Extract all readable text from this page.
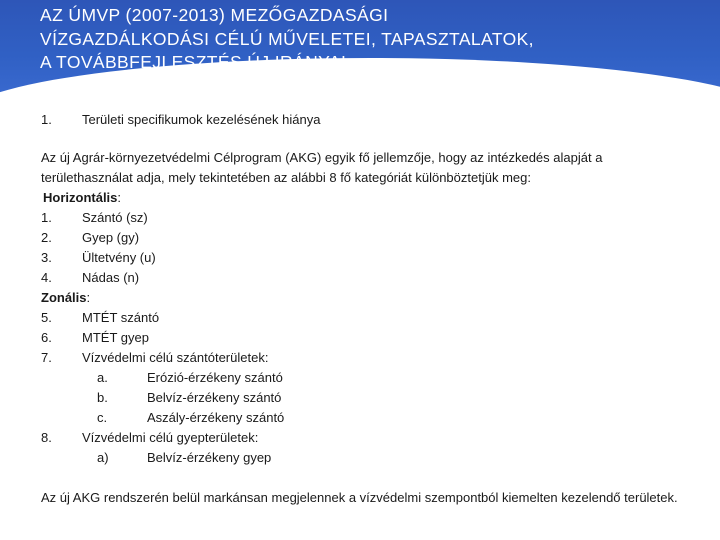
AZ ÚMVP (2007-2013) MEZŐGAZDASÁGI
VÍZGAZDÁLKODÁSI CÉLÚ MŰVELETEI, TAPASZTALATOK,
A TOVÁBBFEJLESZTÉS ÚJ IRÁNYAI
1. Területi specifikumok kezelésének hiánya
Az új Agrár-környezetvédelmi Célprogram (AKG) egyik fő jellemzője, hogy az intézkedés alapját a területhasználat adja, mely tekintetében az alábbi 8 fő kategóriát különböztetjük meg:
Horizontális:
1. Szántó (sz)
2. Gyep (gy)
3. Ültetvény (u)
4. Nádas (n)
Zonális:
5. MTÉT szántó
6. MTÉT gyep
7. Vízvédelmi célú szántóterületek:
a.	Erózió-érzékeny szántó
b.	Belvíz-érzékeny szántó
c.	Aszály-érzékeny szántó
8. Vízvédelmi célú gyepterületek:
a)	Belvíz-érzékeny gyep
Az új AKG rendszerén belül markánsan megjelennek a vízvédelmi szempontból kiemelten kezelendő területek.
